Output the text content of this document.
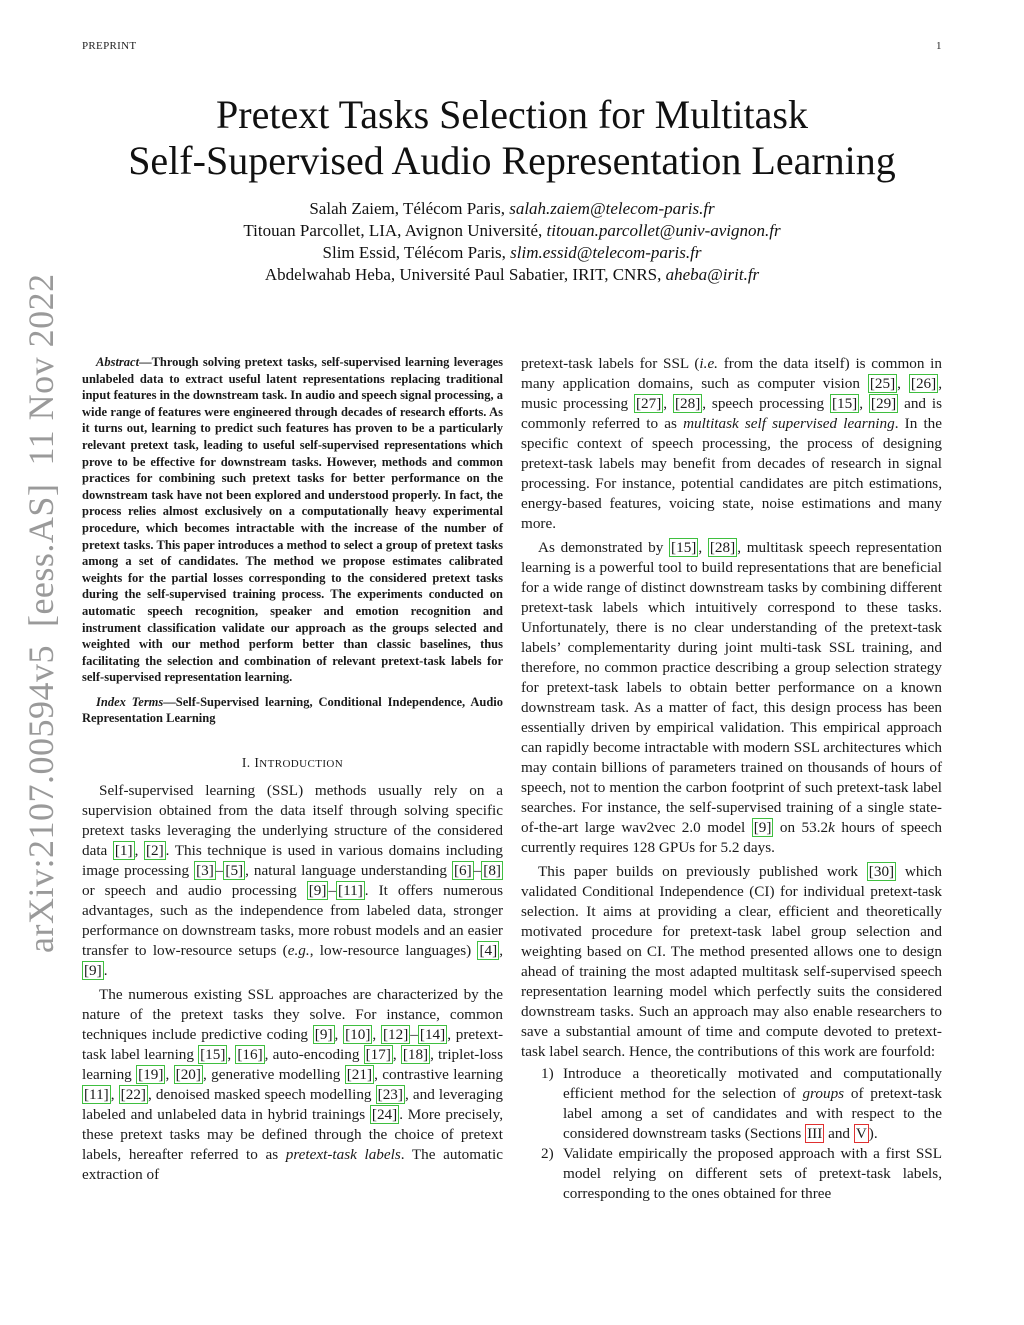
PREPRINT	1
Pretext Tasks Selection for Multitask
Self-Supervised Audio Representation Learning
Salah Zaiem, Télécom Paris, salah.zaiem@telecom-paris.fr
Titouan Parcollet, LIA, Avignon Université, titouan.parcollet@univ-avignon.fr
Slim Essid, Télécom Paris, slim.essid@telecom-paris.fr
Abdelwahab Heba, Université Paul Sabatier, IRIT, CNRS, aheba@irit.fr
arXiv:2107.00594v5[eess.AS]11 Nov 2022	Abstract—Through solving pretext tasks, self-supervised learning leverages unlabeled data to extract useful latent representations replacing traditional input features in the downstream task. In audio and speech signal processing, a wide range of features were engineered through decades of research efforts. As it turns out, learning to predict such features has proven to be a particularly relevant pretext task, leading to useful self-supervised representations which prove to be effective for downstream tasks. However, methods and common practices for combining such pretext tasks for better performance on the downstream task have not been explored and understood properly. In fact, the process relies almost exclusively on a computationally heavy experimental procedure, which becomes intractable with the increase of the number of pretext tasks. This paper introduces a method to select a group of pretext tasks among a set of candidates. The method we propose estimates calibrated weights for the partial losses corresponding to the considered pretext tasks during the self-supervised training process. The experiments conducted on automatic speech recognition, speaker and emotion recognition and instrument classification validate our approach as the groups selected and weighted with our method perform better than classic baselines, thus facilitating the selection and combination of relevant pretext-task labels for self-supervised representation learning.

Index Terms—Self-Supervised learning, Conditional Independence, Audio Representation Learning

I. INTRODUCTION

Self-supervised learning (SSL) methods usually rely on a supervision obtained from the data itself through solving specific pretext tasks leveraging the underlying structure of the considered data [1] , [2] . This technique is used in various domains including image processing [3] – [5] , natural language understanding [6] – [8] or speech and audio processing [9] – [11] . It offers numerous advantages, such as the independence from labeled data, stronger performance on downstream tasks, more robust models and an easier transfer to low-resource setups (e.g., low-resource languages) [4] , [9] .

The numerous existing SSL approaches are characterized by the nature of the pretext tasks they solve. For instance, common techniques include predictive coding [9] , [10] , [12] – [14] , pretext-task label learning [15] , [16] , auto-encoding [17] , [18] , triplet-loss learning [19] , [20] , generative modelling [21] , contrastive learning [11] , [22] , denoised masked speech modelling [23] , and leveraging labeled and unlabeled data in hybrid trainings [24] . More precisely, these pretext tasks may be defined through the choice of pretext labels, hereafter referred to as pretext-task labels. The automatic extraction of

pretext-task labels for SSL (i.e. from the data itself) is common in many application domains, such as computer vision [25] , [26] , music processing [27] , [28] , speech processing [15] , [29] and is commonly referred to as multitask self supervised learning. In the specific context of speech processing, the process of designing pretext-task labels may benefit from decades of research in signal processing. For instance, potential candidates are pitch estimations, energy-based features, voicing state, noise estimations and many more.

As demonstrated by [15] , [28] , multitask speech representation learning is a powerful tool to build representations that are beneficial for a wide range of distinct downstream tasks by combining different pretext-task labels which intuitively correspond to these tasks. Unfortunately, there is no clear understanding of the pretext-task labels’ complementarity during joint multi-task SSL training, and therefore, no common practice describing a group selection strategy for pretext-task labels to obtain better performance on a known downstream task. As a matter of fact, this design process has been essentially driven by empirical validation. This empirical approach can rapidly become intractable with modern SSL architectures which may contain billions of parameters trained on thousands of hours of speech, not to mention the carbon footprint of such pretext-task label searches. For instance, the self-supervised training of a single state-of-the-art large wav2vec 2.0 model [9] on 53.2k hours of speech currently requires 128 GPUs for 5.2 days.

This paper builds on previously published work [30] which validated Conditional Independence (CI) for individual pretext-task selection. It aims at providing a clear, efficient and theoretically motivated procedure for pretext-task label group selection and weighting based on CI. The method presented allows one to design ahead of training the most adapted multitask self-supervised speech representation learning model which perfectly suits the considered downstream tasks. Such an approach may also enable researchers to save a substantial amount of time and compute devoted to pretext-task label search. Hence, the contributions of this work are fourfold:

1) Introduce a theoretically motivated and computationally efficient method for the selection of groups of pretext-task label among a set of candidates and with respect to the considered downstream tasks (Sections III and V ).
2) Validate empirically the proposed approach with a first SSL model relying on different sets of pretext-task labels, corresponding to the ones obtained for three
